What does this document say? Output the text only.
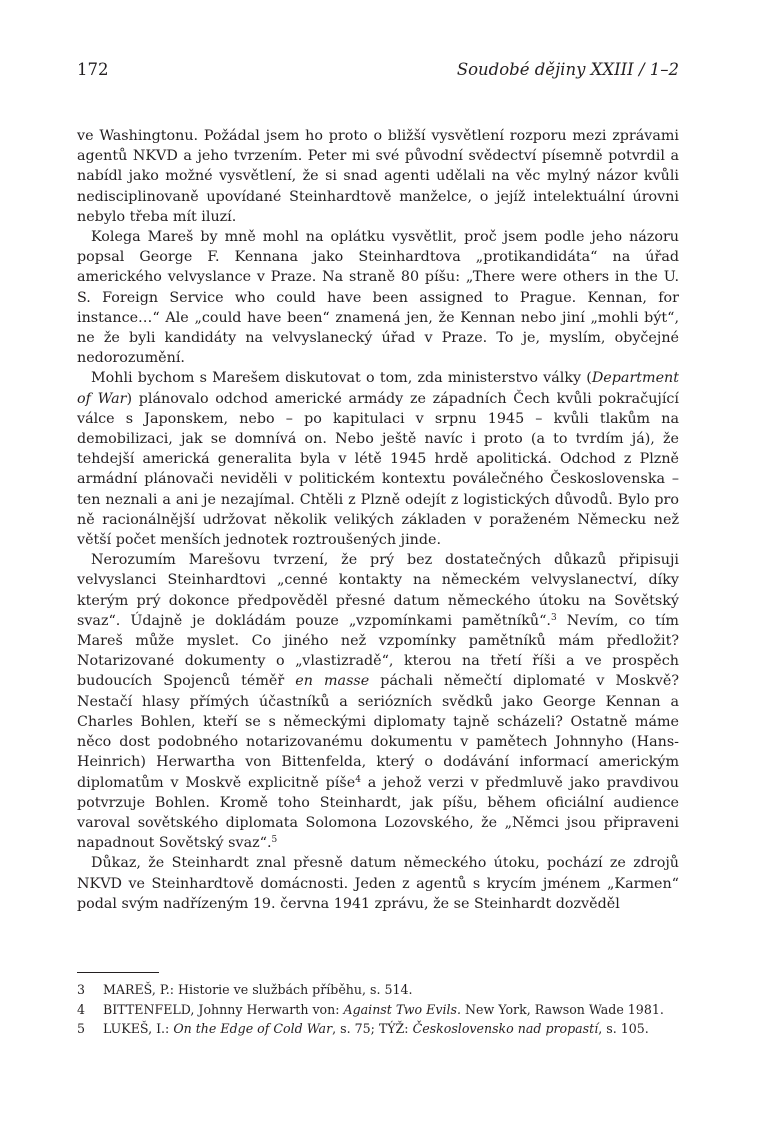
172	Soudobé dějiny XXIII / 1–2

ve Washingtonu. Požádal jsem ho proto o bližší vysvětlení rozporu mezi zprávami agentů NKVD a jeho tvrzením. Peter mi své původní svědectví písemně potvrdil a nabídl jako možné vysvětlení, že si snad agenti udělali na věc mylný názor kvůli nedisciplinovaně upovídané Steinhardtově manželce, o jejíž intelektuální úrovni nebylo třeba mít iluzí.

Kolega Mareš by mně mohl na oplátku vysvětlit, proč jsem podle jeho názoru popsal George F. Kennana jako Steinhardtova „protikandidáta“ na úřad amerického velvyslance v Praze. Na straně 80 píšu: „There were others in the U. S. Foreign Service who could have been assigned to Prague. Kennan, for instance…“ Ale „could have been“ znamená jen, že Kennan nebo jiní „mohli být“, ne že byli kandidáty na velvyslanecký úřad v Praze. To je, myslím, obyčejné nedorozumění.

Mohli bychom s Marešem diskutovat o tom, zda ministerstvo války (Department of War) plánovalo odchod americké armády ze západních Čech kvůli pokračující válce s Japonskem, nebo – po kapitulaci v srpnu 1945 – kvůli tlakům na demobilizaci, jak se domnívá on. Nebo ještě navíc i proto (a to tvrdím já), že tehdejší americká generalita byla v létě 1945 hrdě apolitická. Odchod z Plzně armádní plánovači neviděli v politickém kontextu poválečného Československa – ten neznali a ani je nezajímal. Chtěli z Plzně odejít z logistických důvodů. Bylo pro ně racionálnější udržovat několik velikých základen v poraženém Německu než větší počet menších jednotek roztroušených jinde.

Nerozumím Marešovu tvrzení, že prý bez dostatečných důkazů připisuji velvyslanci Steinhardtovi „cenné kontakty na německém velvyslanectví, díky kterým prý dokonce předpověděl přesné datum německého útoku na Sovětský svaz“. Údajně je dokládám pouze „vzpomínkami pamětníků“.$^3$ Nevím, co tím Mareš může myslet. Co jiného než vzpomínky pamětníků mám předložit? Notarizované dokumenty o „vlastizradě“, kterou na třetí říši a ve prospěch budoucích Spojenců téměř en masse páchali němečtí diplomaté v Moskvě? Nestačí hlasy přímých účastníků a seriózních svědků jako George Kennan a Charles Bohlen, kteří se s německými diplomaty tajně scházeli? Ostatně máme něco dost podobného notarizovanému dokumentu v pamětech Johnnyho (Hans-Heinrich) Herwartha von Bittenfelda, který o dodávání informací americkým diplomatům v Moskvě explicitně píše$^4$ a jehož verzi v předmluvě jako pravdivou potvrzuje Bohlen. Kromě toho Steinhardt, jak píšu, během oficiální audience varoval sovětského diplomata Solomona Lozovského, že „Němci jsou připraveni napadnout Sovětský svaz“.$^5$

Důkaz, že Steinhardt znal přesně datum německého útoku, pochází ze zdrojů NKVD ve Steinhardtově domácnosti. Jeden z agentů s krycím jménem „Karmen“ podal svým nadřízeným 19. června 1941 zprávu, že se Steinhardt dozvěděl

3 MAREŠ, P.: Historie ve službách příběhu, s. 514.
4 BITTENFELD, Johnny Herwarth von: Against Two Evils. New York, Rawson Wade 1981.
5 LUKEŠ, I.: On the Edge of Cold War, s. 75; TÝŽ: Československo nad propastí, s. 105.
